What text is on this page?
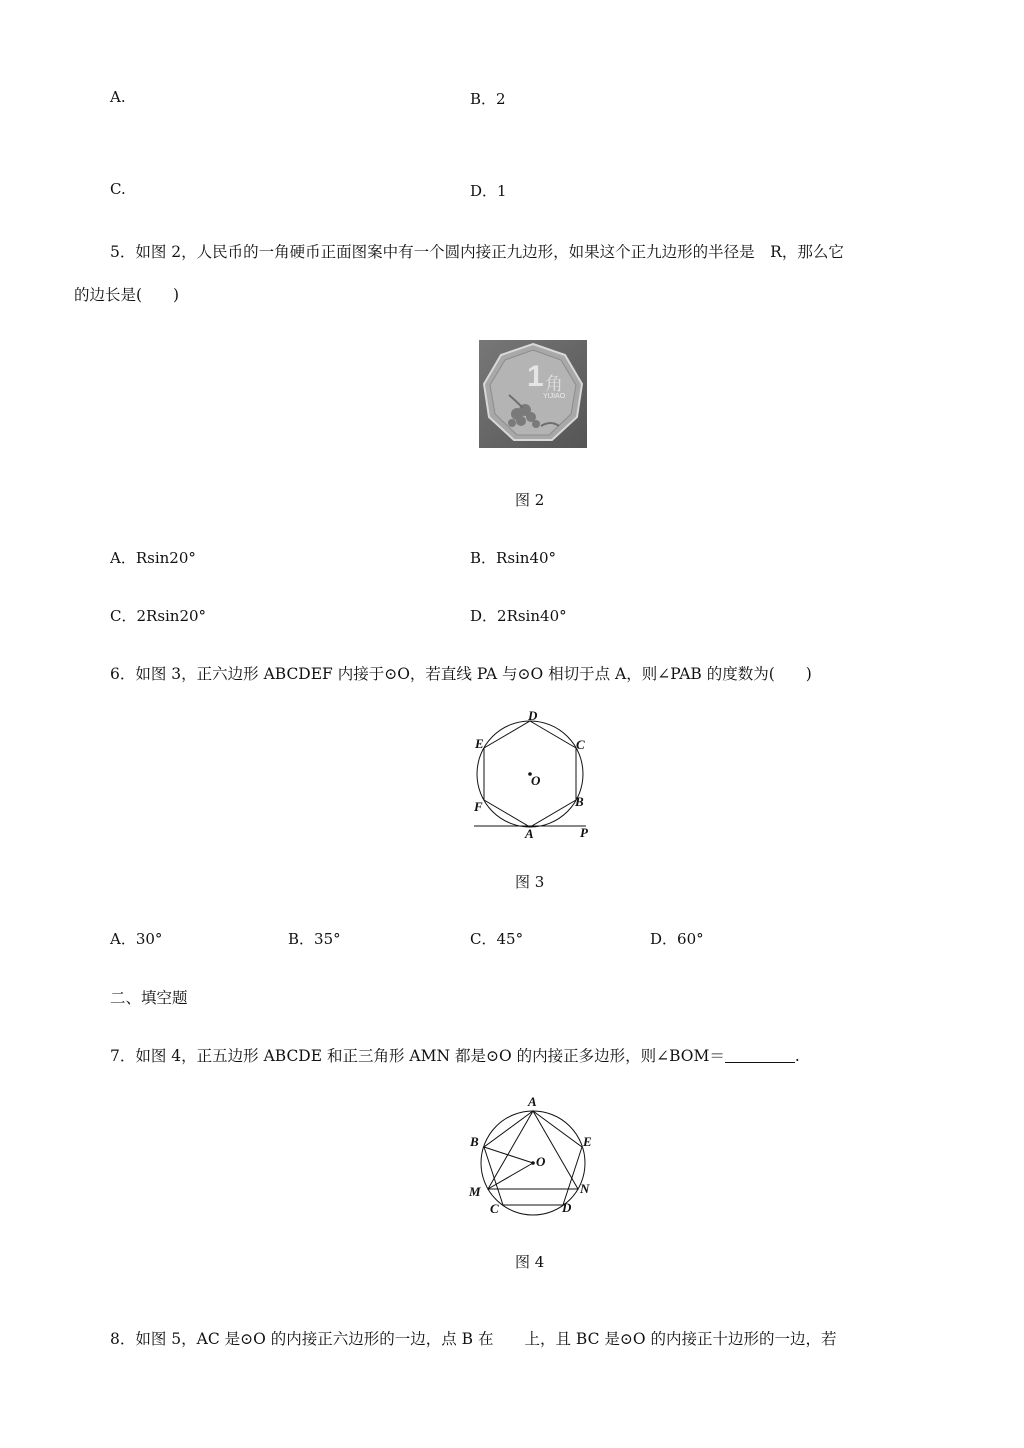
A.	B．2
C.	D．1
5．如图 2，人民币的一角硬币正面图案中有一个圆内接正九边形，如果这个正九边形的半径是　R，那么它
的边长是(　　)
1 角
YIJIAO
图 2
A．Rsin20°	B．Rsin40°
C．2Rsin20°	D．2Rsin40°
6．如图 3，正六边形 ABCDEF 内接于⊙O，若直线 PA 与⊙O 相切于点 A，则∠PAB 的度数为(　　)
D
E	C
O
F	B
A	P
图 3
A．30°	B．35°	C．45°	D．60°
二、填空题
7．如图 4，正五边形 ABCDE 和正三角形 AMN 都是⊙O 的内接正多边形，则∠BOM＝	.
A
B	E
O
M	N
C	D
图 4
8．如图 5，AC 是⊙O 的内接正六边形的一边，点 B 在　　上，且 BC 是⊙O 的内接正十边形的一边，若
